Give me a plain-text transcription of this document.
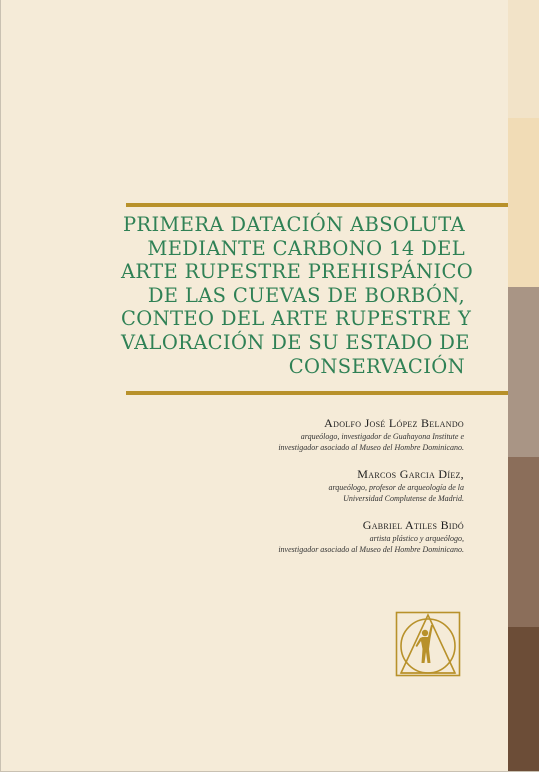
PRIMERA DATACIÓN ABSOLUTA
MEDIANTE CARBONO 14 DEL
ARTE RUPESTRE PREHISPÁNICO
DE LAS CUEVAS DE BORBÓN,
CONTEO DEL ARTE RUPESTRE Y
VALORACIÓN DE SU ESTADO DE
CONSERVACIÓN
Adolfo José López Belando
arqueólogo, investigador de Guahayona Institute e
investigador asociado al Museo del Hombre Dominicano.
Marcos Garcia Díez,
arqueólogo, profesor de arqueología de la
Universidad Complutense de Madrid.
Gabriel Atiles Bidó
artista plástico y arqueólogo,
investigador asociado al Museo del Hombre Dominicano.
